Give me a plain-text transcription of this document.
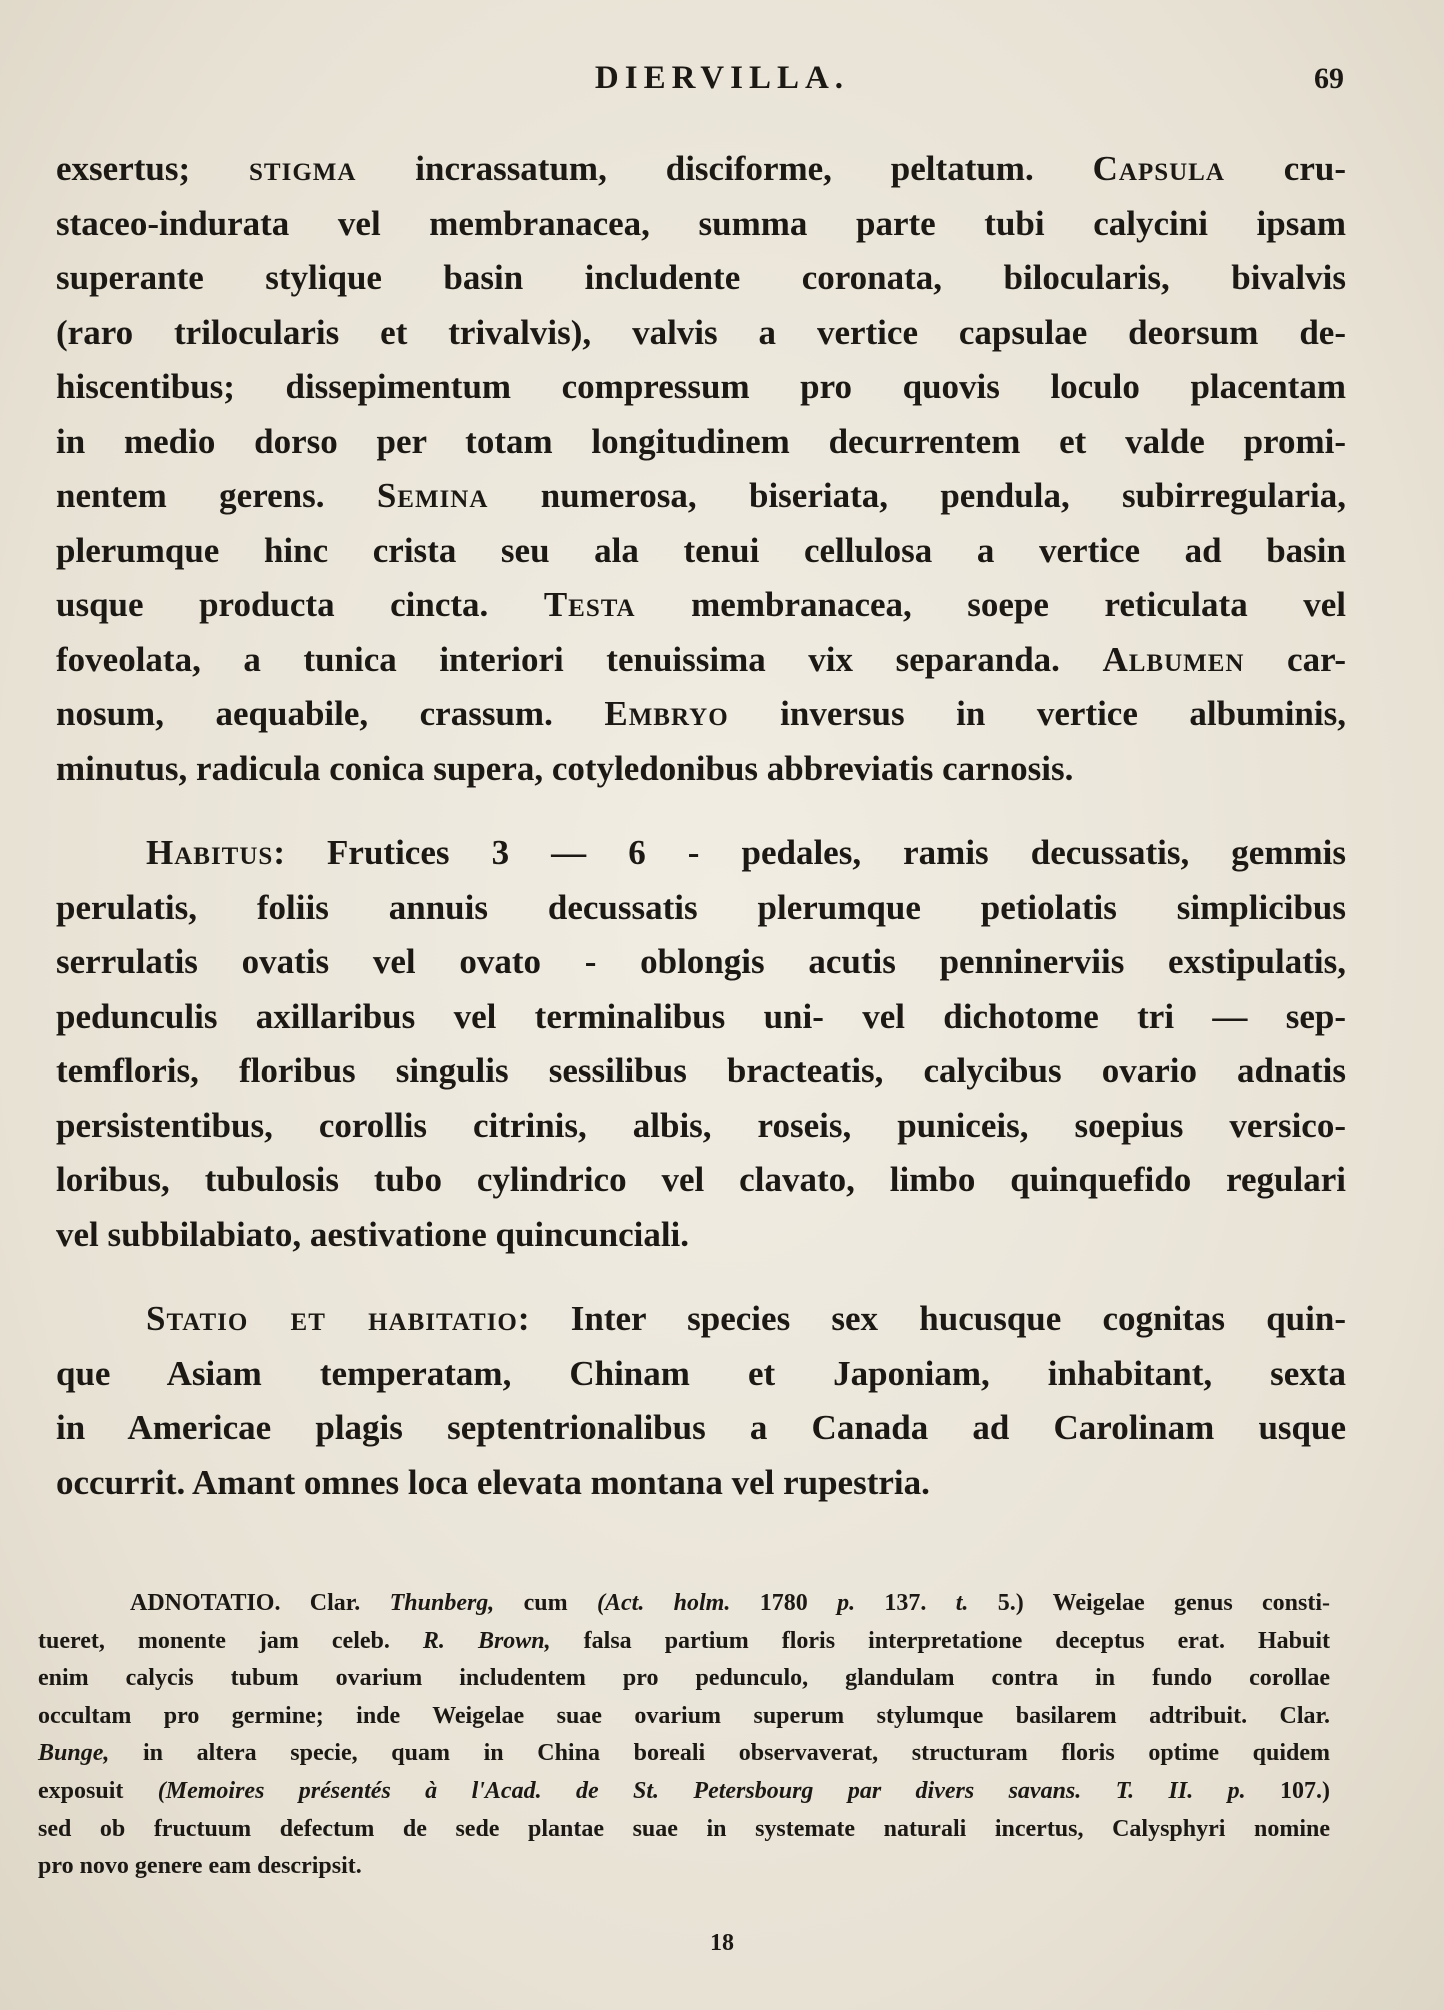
DIERVILLA.	69

exsertus; stigma incrassatum, disciforme, peltatum. Capsula cru-
staceo-indurata vel membranacea, summa parte tubi calycini ipsam
superante stylique basin includente coronata, bilocularis, bivalvis
(raro trilocularis et trivalvis), valvis a vertice capsulae deorsum de-
hiscentibus; dissepimentum compressum pro quovis loculo placentam
in medio dorso per totam longitudinem decurrentem et valde promi-
nentem gerens. Semina numerosa, biseriata, pendula, subirregularia,
plerumque hinc crista seu ala tenui cellulosa a vertice ad basin
usque producta cincta. Testa membranacea, soepe reticulata vel
foveolata, a tunica interiori tenuissima vix separanda. Albumen car-
nosum, aequabile, crassum. Embryo inversus in vertice albuminis,
minutus, radicula conica supera, cotyledonibus abbreviatis carnosis.

Habitus: Frutices 3 — 6 - pedales, ramis decussatis, gemmis
perulatis, foliis annuis decussatis plerumque petiolatis simplicibus
serrulatis ovatis vel ovato - oblongis acutis penninerviis exstipulatis,
pedunculis axillaribus vel terminalibus uni- vel dichotome tri — sep-
temfloris, floribus singulis sessilibus bracteatis, calycibus ovario adnatis
persistentibus, corollis citrinis, albis, roseis, puniceis, soepius versico-
loribus, tubulosis tubo cylindrico vel clavato, limbo quinquefido regulari
vel subbilabiato, aestivatione quincunciali.

Statio et habitatio: Inter species sex hucusque cognitas quin-
que Asiam temperatam, Chinam et Japoniam, inhabitant, sexta
in Americae plagis septentrionalibus a Canada ad Carolinam usque
occurrit. Amant omnes loca elevata montana vel rupestria.

ADNOTATIO. Clar. Thunberg, cum (Act. holm. 1780 p. 137. t. 5.) Weigelae genus consti-
tueret, monente jam celeb. R. Brown, falsa partium floris interpretatione deceptus erat. Habuit
enim calycis tubum ovarium includentem pro pedunculo, glandulam contra in fundo corollae
occultam pro germine; inde Weigelae suae ovarium superum stylumque basilarem adtribuit. Clar.
Bunge, in altera specie, quam in China boreali observaverat, structuram floris optime quidem
exposuit (Memoires présentés à l'Acad. de St. Petersbourg par divers savans. T. II. p. 107.)
sed ob fructuum defectum de sede plantae suae in systemate naturali incertus, Calysphyri nomine
pro novo genere eam descripsit.
18
